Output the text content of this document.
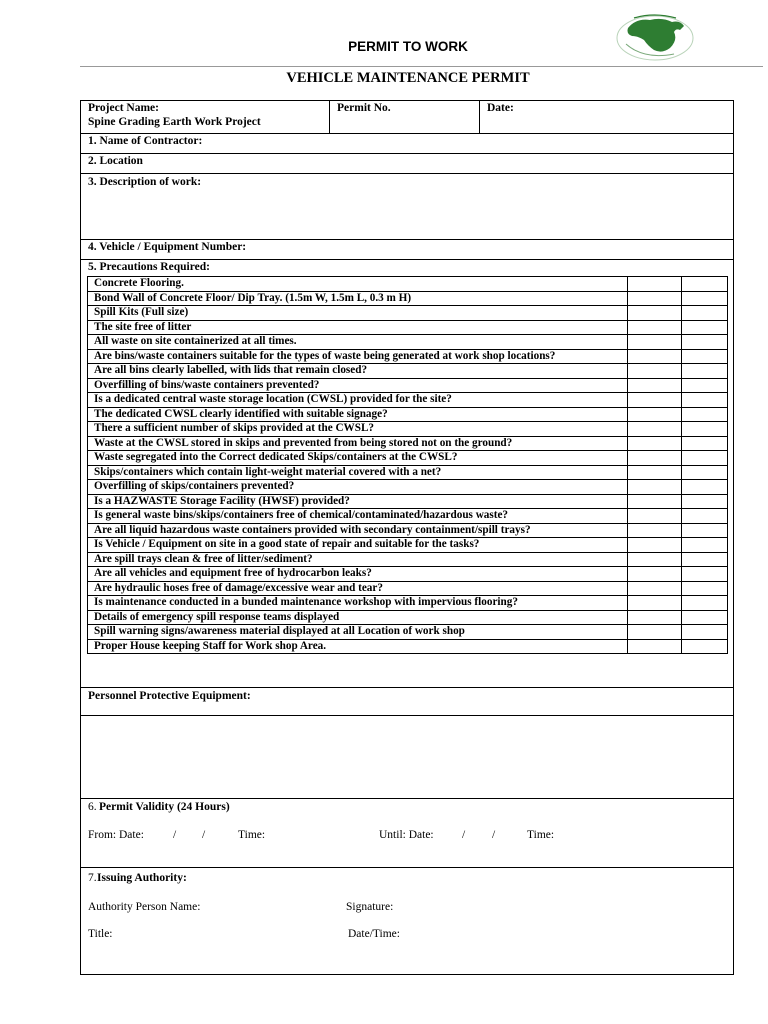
PERMIT TO WORK
VEHICLE MAINTENANCE PERMIT
Project Name:
Spine Grading Earth Work Project
Permit No.	Date:
1. Name of Contractor:
2. Location
3. Description of work:
4. Vehicle / Equipment Number:
5. Precautions Required:
Concrete Flooring.		
Bond Wall of Concrete Floor/ Dip Tray. (1.5m W, 1.5m L, 0.3 m H)		
Spill Kits (Full size)		
The site free of litter		
All waste on site containerized at all times.		
Are bins/waste containers suitable for the types of waste being generated at work shop locations?		
Are all bins clearly labelled, with lids that remain closed?		
Overfilling of bins/waste containers prevented?		
Is a dedicated central waste storage location (CWSL) provided for the site?		
The dedicated CWSL clearly identified with suitable signage?		
There a sufficient number of skips provided at the CWSL?		
Waste at the CWSL stored in skips and prevented from being stored not on the ground?		
Waste segregated into the Correct dedicated Skips/containers at the CWSL?		
Skips/containers which contain light-weight material covered with a net?		
Overfilling of skips/containers prevented?		
Is a HAZWASTE Storage Facility (HWSF) provided?		
Is general waste bins/skips/containers free of chemical/contaminated/hazardous waste?		
Are all liquid hazardous waste containers provided with secondary containment/spill trays?		
Is Vehicle / Equipment on site in a good state of repair and suitable for the tasks?		
Are spill trays clean & free of litter/sediment?		
Are all vehicles and equipment free of hydrocarbon leaks?		
Are hydraulic hoses free of damage/excessive wear and tear?		
Is maintenance conducted in a bunded maintenance workshop with impervious flooring?		
Details of emergency spill response teams displayed		
Spill warning signs/awareness material displayed at all Location of work shop		
Proper House keeping Staff for Work shop Area.		
Personnel Protective Equipment:
6. Permit Validity (24 Hours)
From: Date:	/ /	Time:	Until: Date: / /	Time:
7. Issuing Authority:
Authority Person Name:	Signature:
Title:	Date/Time:
